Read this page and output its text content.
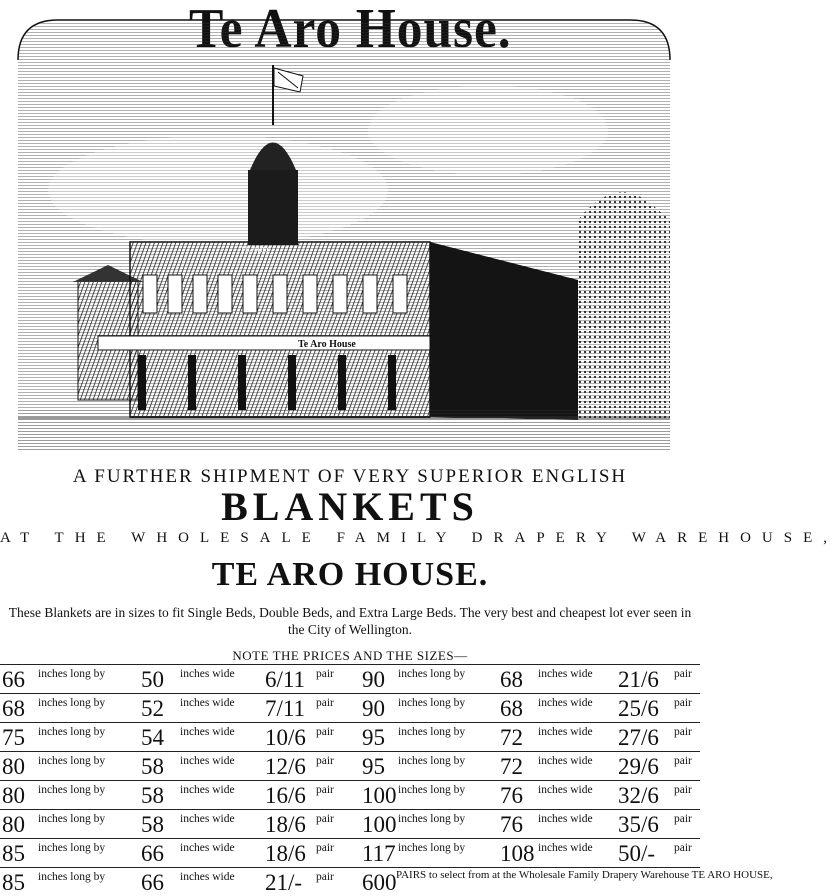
Te Aro House
TE ARO
A FURTHER SHIPMENT OF VERY SUPERIOR ENGLISH
BLANKETS
AT THE WHOLESALE FAMILY DRAPERY WAREHOUSE,
TE ARO HOUSE.
These Blankets are in sizes to fit Single Beds, Double Beds, and Extra Large Beds. The very best and cheapest lot ever seen in the City of Wellington.
NOTE THE PRICES AND THE SIZES—
66 inches long by 50 inches wide 6/11 pair 90 inches long by 68 inches wide 21/6 pair
68 inches long by 52 inches wide 7/11 pair 90 inches long by 68 inches wide 25/6 pair
75 inches long by 54 inches wide 10/6 pair 95 inches long by 72 inches wide 27/6 pair
80 inches long by 58 inches wide 12/6 pair 95 inches long by 72 inches wide 29/6 pair
80 inches long by 58 inches wide 16/6 pair 100 inches long by 76 inches wide 32/6 pair
80 inches long by 58 inches wide 18/6 pair 100 inches long by 76 inches wide 35/6 pair
85 inches long by 66 inches wide 18/6 pair 117 inches long by 108 inches wide 50/- pair
85 inches long by 66 inches wide 21/- pair 600 PAIRS to select from at the Wholesale Family Drapery Warehouse TE ARO HOUSE,
